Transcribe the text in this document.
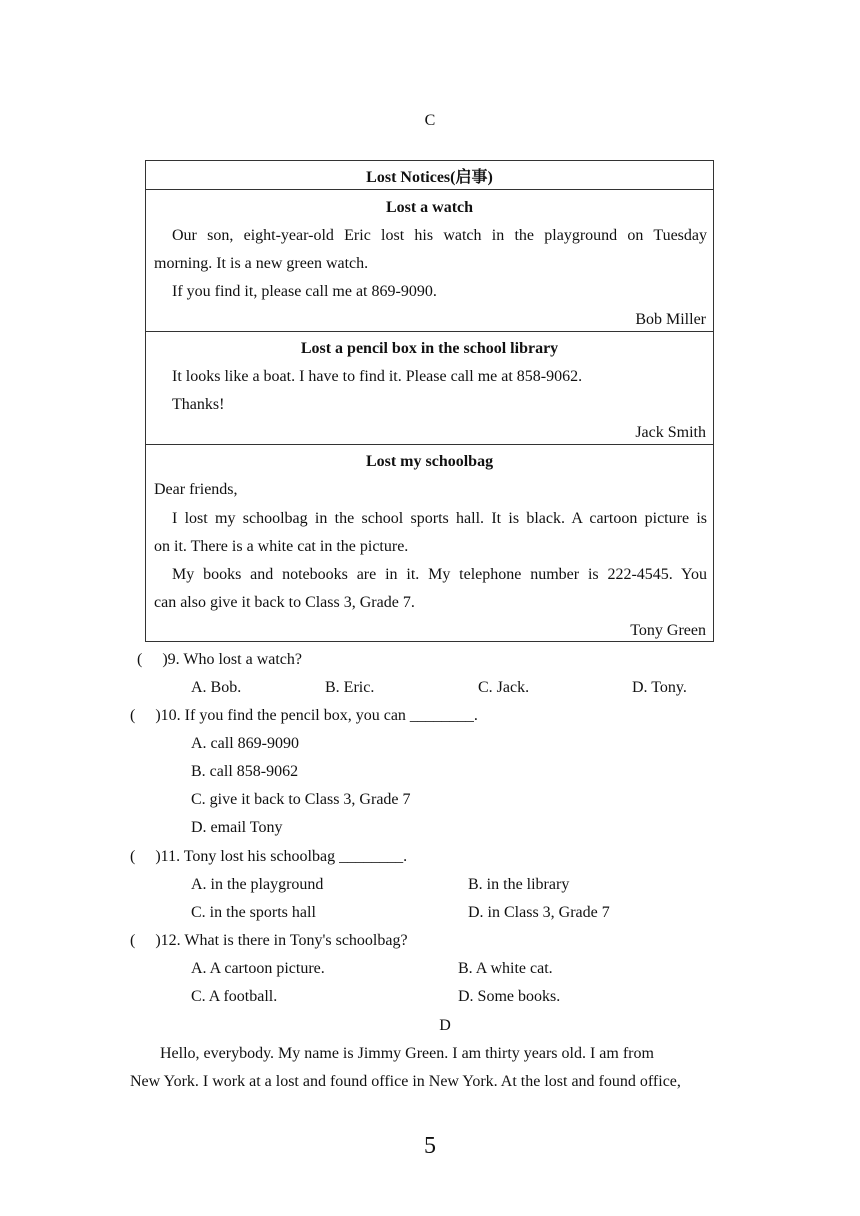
C
Lost Notices(启事)
Lost a watch
Our son, eight-year-old Eric lost his watch in the playground on Tuesday
morning. It is a new green watch.
If you find it, please call me at 869-9090.
Bob Miller
Lost a pencil box in the school library
It looks like a boat. I have to find it. Please call me at 858-9062.
Thanks!
Jack Smith
Lost my schoolbag
Dear friends,
I lost my schoolbag in the school sports hall. It is black. A cartoon picture is
on it. There is a white cat in the picture.
My books and notebooks are in it. My telephone number is 222-4545. You
can also give it back to Class 3, Grade 7.
Tony Green
(     )9. Who lost a watch?
A. Bob.	B. Eric.	C. Jack.	D. Tony.
(     )10. If you find the pencil box, you can ________.
A. call 869-9090
B. call 858-9062
C. give it back to Class 3, Grade 7
D. email Tony
(     )11. Tony lost his schoolbag ________.
A. in the playground	B. in the library
C. in the sports hall	D. in Class 3, Grade 7
(     )12. What is there in Tony's schoolbag?
A. A cartoon picture.	B. A white cat.
C. A football.	D. Some books.
D
Hello, everybody. My name is Jimmy Green. I am thirty years old. I am from
New York. I work at a lost and found office in New York. At the lost and found office,
5
